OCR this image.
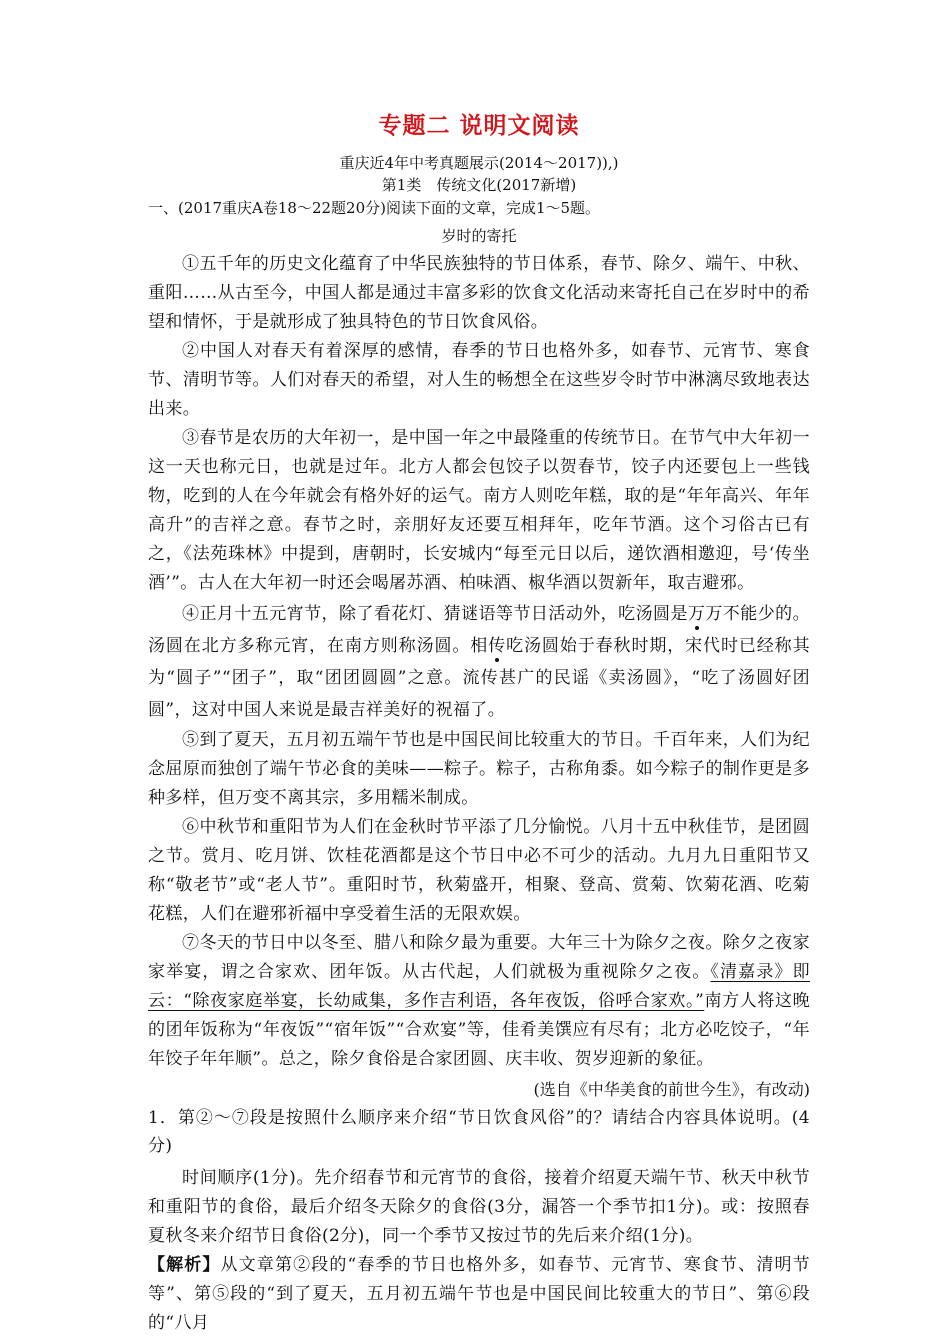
专题二 说明文阅读

重庆近4年中考真题展示(2014～2017)),)

第1类　传统文化(2017新增)

一、(2017重庆A卷18～22题20分)阅读下面的文章，完成1～5题。

岁时的寄托

①五千年的历史文化蕴育了中华民族独特的节日体系，春节、除夕、端午、中秋、重阳……从古至今，中国人都是通过丰富多彩的饮食文化活动来寄托自己在岁时中的希望和情怀，于是就形成了独具特色的节日饮食风俗。

②中国人对春天有着深厚的感情，春季的节日也格外多，如春节、元宵节、寒食节、清明节等。人们对春天的希望，对人生的畅想全在这些岁令时节中淋漓尽致地表达出来。

③春节是农历的大年初一，是中国一年之中最隆重的传统节日。在节气中大年初一这一天也称元日，也就是过年。北方人都会包饺子以贺春节，饺子内还要包上一些钱物，吃到的人在今年就会有格外好的运气。南方人则吃年糕，取的是“年年高兴、年年高升”的吉祥之意。春节之时，亲朋好友还要互相拜年，吃年节酒。这个习俗古已有之，《法苑珠林》中提到，唐朝时，长安城内“每至元日以后，递饮酒相邀迎，号‘传坐酒’”。古人在大年初一时还会喝屠苏酒、柏味酒、椒华酒以贺新年，取吉避邪。

④正月十五元宵节，除了看花灯、猜谜语等节日活动外，吃汤圆是万万不能少的。汤圆在北方多称元宵，在南方则称汤圆。相传吃汤圆始于春秋时期，宋代时已经称其为“圆子”“团子”，取“团团圆圆”之意。流传甚广的民谣《卖汤圆》，“吃了汤圆好团圆”，这对中国人来说是最吉祥美好的祝福了。

⑤到了夏天，五月初五端午节也是中国民间比较重大的节日。千百年来，人们为纪念屈原而独创了端午节必食的美味——粽子。粽子，古称角黍。如今粽子的制作更是多种多样，但万变不离其宗，多用糯米制成。

⑥中秋节和重阳节为人们在金秋时节平添了几分愉悦。八月十五中秋佳节，是团圆之节。赏月、吃月饼、饮桂花酒都是这个节日中必不可少的活动。九月九日重阳节又称“敬老节”或“老人节”。重阳时节，秋菊盛开，相聚、登高、赏菊、饮菊花酒、吃菊花糕，人们在避邪祈福中享受着生活的无限欢娱。

⑦冬天的节日中以冬至、腊八和除夕最为重要。大年三十为除夕之夜。除夕之夜家家举宴，谓之合家欢、团年饭。从古代起，人们就极为重视除夕之夜。《清嘉录》即云：“除夜家庭举宴，长幼咸集，多作吉利语，各年夜饭，俗呼合家欢。”南方人将这晚的团年饭称为“年夜饭”“宿年饭”“合欢宴”等，佳肴美馔应有尽有；北方必吃饺子，“年年饺子年年顺”。总之，除夕食俗是合家团圆、庆丰收、贺岁迎新的象征。

(选自《中华美食的前世今生》，有改动)

1．第②～⑦段是按照什么顺序来介绍“节日饮食风俗”的？请结合内容具体说明。(4分)

时间顺序(1分)。先介绍春节和元宵节的食俗，接着介绍夏天端午节、秋天中秋节和重阳节的食俗，最后介绍冬天除夕的食俗(3分，漏答一个季节扣1分)。或：按照春夏秋冬来介绍节日食俗(2分)，同一个季节又按过节的先后来介绍(1分)。

【解析】从文章第②段的“春季的节日也格外多，如春节、元宵节、寒食节、清明节等”、第⑤段的“到了夏天，五月初五端午节也是中国民间比较重大的节日”、第⑥段的“八月
